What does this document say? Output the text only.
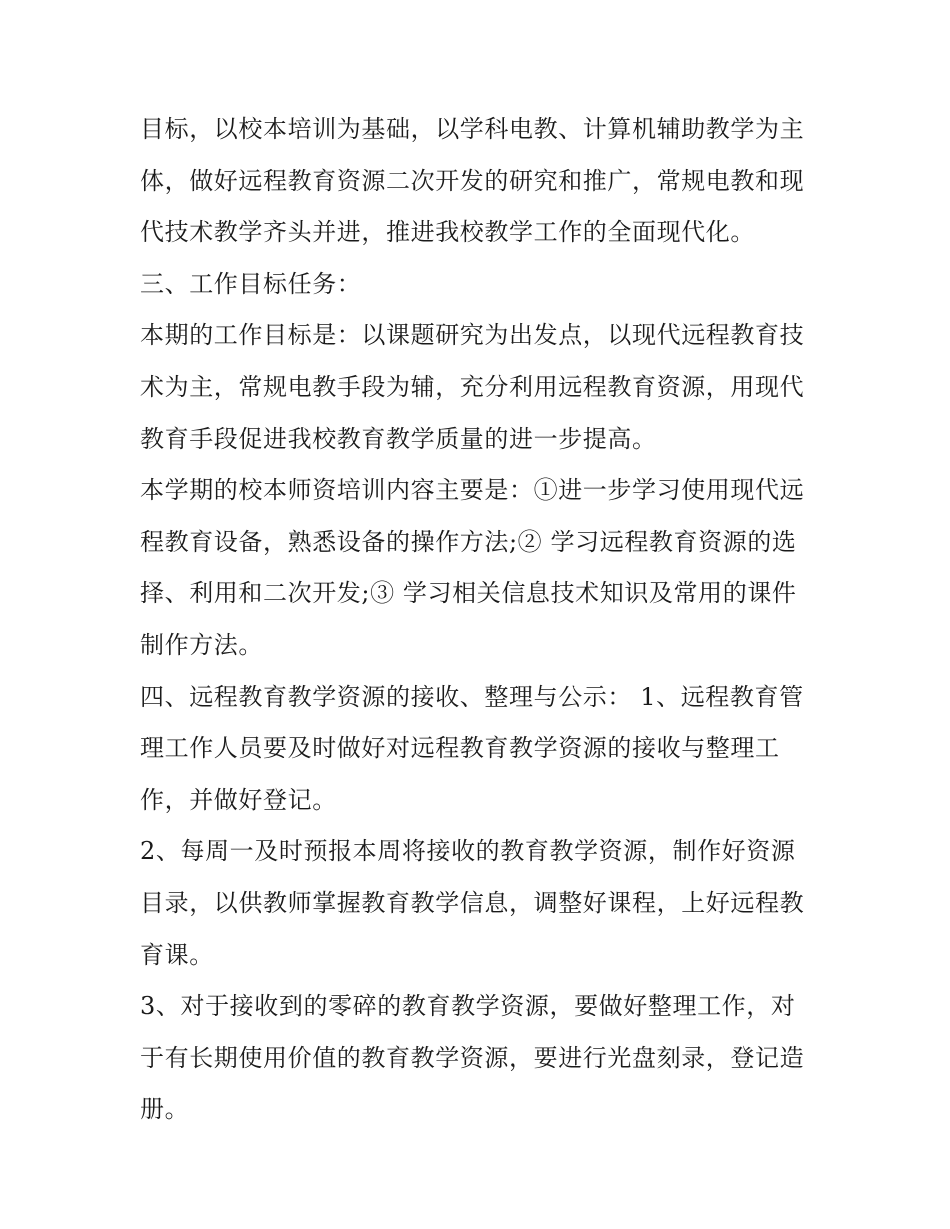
目标，以校本培训为基础，以学科电教、计算机辅助教学为主
体，做好远程教育资源二次开发的研究和推广，常规电教和现
代技术教学齐头并进，推进我校教学工作的全面现代化。
三、工作目标任务：
本期的工作目标是：以课题研究为出发点，以现代远程教育技
术为主，常规电教手段为辅，充分利用远程教育资源，用现代
教育手段促进我校教育教学质量的进一步提高。
本学期的校本师资培训内容主要是：①进一步学习使用现代远
程教育设备，熟悉设备的操作方法;② 学习远程教育资源的选
择、利用和二次开发;③ 学习相关信息技术知识及常用的课件
制作方法。
四、远程教育教学资源的接收、整理与公示： 1、远程教育管
理工作人员要及时做好对远程教育教学资源的接收与整理工
作，并做好登记。
2、每周一及时预报本周将接收的教育教学资源，制作好资源
目录，以供教师掌握教育教学信息，调整好课程，上好远程教
育课。
3、对于接收到的零碎的教育教学资源，要做好整理工作，对
于有长期使用价值的教育教学资源，要进行光盘刻录，登记造
册。
